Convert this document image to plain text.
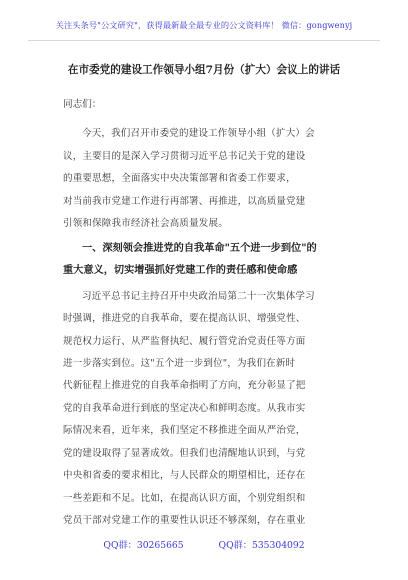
关注头条号"公文研究"，获得最新最全最专业的公文资料库！ 微信：gongwenyj
在市委党的建设工作领导小组7月份（扩大）会议上的讲话
同志们：
今天，我们召开市委党的建设工作领导小组（扩大）会
议，主要目的是深入学习贯彻习近平总书记关于党的建设
的重要思想，全面落实中央决策部署和省委工作要求，
对当前我市党建工作进行再部署、再推进，以高质量党建
引领和保障我市经济社会高质量发展。
一、深刻领会推进党的自我革命"五个进一步到位"的
重大意义，切实增强抓好党建工作的责任感和使命感
习近平总书记主持召开中央政治局第二十一次集体学习
时强调，推进党的自我革命，要在提高认识、增强党性、
规范权力运行、从严监督执纪、履行管党治党责任等方面
进一步落实到位。这"五个进一步到位"，为我们在新时
代新征程上推进党的自我革命指明了方向，充分彰显了把
党的自我革命进行到底的坚定决心和鲜明态度。从我市实
际情况来看，近年来，我们坚定不移推进全面从严治党，
党的建设取得了显著成效。但我们也清醒地认识到，与党
中央和省委的要求相比，与人民群众的期望相比，还存在
一些差距和不足。比如，在提高认识方面，个别党组织和
党员干部对党建工作的重要性认识还不够深刻，存在重业
QQ群：30265665	QQ群：535304092
